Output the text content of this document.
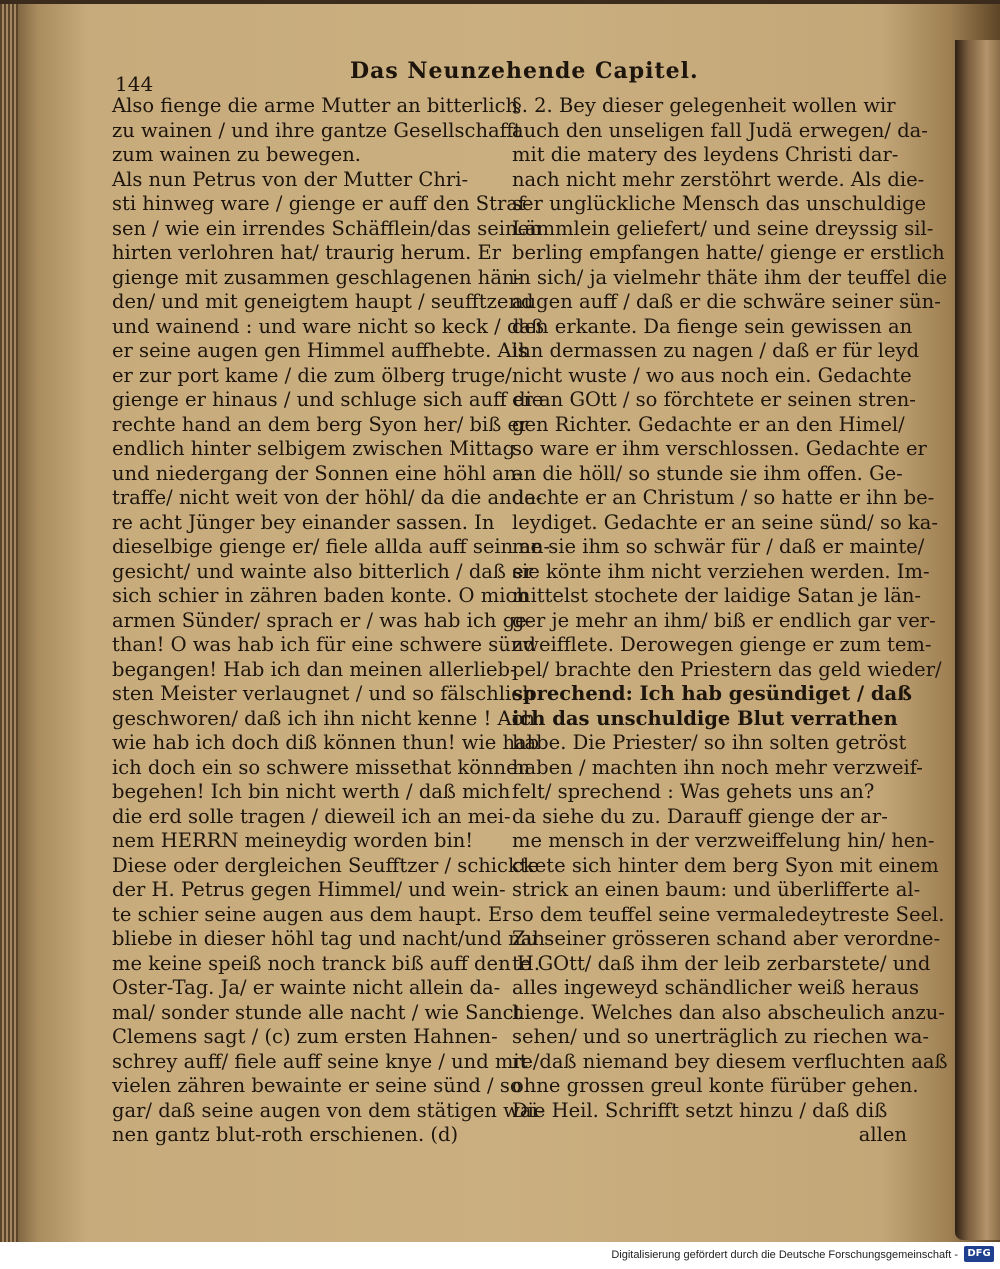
144	Das Neunzehende Capitel.
Also fienge die arme Mutter an bitterlich
zu wainen / und ihre gantze Gesellschafft
zum wainen zu bewegen.
Als nun Petrus von der Mutter Chri-
sti hinweg ware / gienge er auff den Straf-
sen / wie ein irrendes Schäfflein/das seinen
hirten verlohren hat/ traurig herum. Er
gienge mit zusammen geschlagenen hän-
den/ und mit geneigtem haupt / seufftzend
und wainend : und ware nicht so keck / daß
er seine augen gen Himmel auffhebte. Als
er zur port kame / die zum ölberg truge/
gienge er hinaus / und schluge sich auff die
rechte hand an dem berg Syon her/ biß er
endlich hinter selbigem zwischen Mittag
und niedergang der Sonnen eine höhl an-
traffe/ nicht weit von der höhl/ da die ande-
re acht Jünger bey einander sassen. In
dieselbige gienge er/ fiele allda auff sein an-
gesicht/ und wainte also bitterlich / daß er
sich schier in zähren baden konte. O mich
armen Sünder/ sprach er / was hab ich ge-
than! O was hab ich für eine schwere sünd
begangen! Hab ich dan meinen allerlieb-
sten Meister verlaugnet / und so fälschlich
geschworen/ daß ich ihn nicht kenne ! Ach
wie hab ich doch diß können thun! wie hab
ich doch ein so schwere missethat können
begehen! Ich bin nicht werth / daß mich
die erd solle tragen / dieweil ich an mei-
nem HERRN meineydig worden bin!
Diese oder dergleichen Seufftzer / schickte
der H. Petrus gegen Himmel/ und wein-
te schier seine augen aus dem haupt. Er
bliebe in dieser höhl tag und nacht/und nah-
me keine speiß noch tranck biß auff den H.
Oster-Tag. Ja/ er wainte nicht allein da-
mal/ sonder stunde alle nacht / wie Sanct
Clemens sagt / (c) zum ersten Hahnen-
schrey auff/ fiele auff seine knye / und mit
vielen zähren bewainte er seine sünd / so
gar/ daß seine augen von dem stätigen wai-
nen gantz blut-roth erschienen. (d)
§. 2. Bey dieser gelegenheit wollen wir
auch den unseligen fall Judä erwegen/ da-
mit die matery des leydens Christi dar-
nach nicht mehr zerstöhrt werde. Als die-
ser unglückliche Mensch das unschuldige
Lämmlein geliefert/ und seine dreyssig sil-
berling empfangen hatte/ gienge er erstlich
in sich/ ja vielmehr thäte ihm der teuffel die
augen auff / daß er die schwäre seiner sün-
den erkante. Da fienge sein gewissen an
ihn dermassen zu nagen / daß er für leyd
nicht wuste / wo aus noch ein. Gedachte
er an GOtt / so förchtete er seinen stren-
gen Richter. Gedachte er an den Himel/
so ware er ihm verschlossen. Gedachte er
an die höll/ so stunde sie ihm offen. Ge-
dachte er an Christum / so hatte er ihn be-
leydiget. Gedachte er an seine sünd/ so ka-
me sie ihm so schwär für / daß er mainte/
sie könte ihm nicht verziehen werden. Im-
mittelst stochete der laidige Satan je län-
ger je mehr an ihm/ biß er endlich gar ver-
zweifflete. Derowegen gienge er zum tem-
pel/ brachte den Priestern das geld wieder/
sprechend: Ich hab gesündiget / daß
ich das unschuldige Blut verrathen
habe. Die Priester/ so ihn solten getröst
haben / machten ihn noch mehr verzweif-
felt/ sprechend : Was gehets uns an?
da siehe du zu. Darauff gienge der ar-
me mensch in der verzweiffelung hin/ hen-
ckete sich hinter dem berg Syon mit einem
strick an einen baum: und überlifferte al-
so dem teuffel seine vermaledeytreste Seel.
Zu seiner grösseren schand aber verordne-
te GOtt/ daß ihm der leib zerbarstete/ und
alles ingeweyd schändlicher weiß heraus
hienge. Welches dan also abscheulich anzu-
sehen/ und so unerträglich zu riechen wa-
re/daß niemand bey diesem verfluchten aaß
ohne grossen greul konte fürüber gehen.
Die Heil. Schrifft setzt hinzu / daß diß
allen
Digitalisierung gefördert durch die Deutsche Forschungsgemeinschaft - DFG
